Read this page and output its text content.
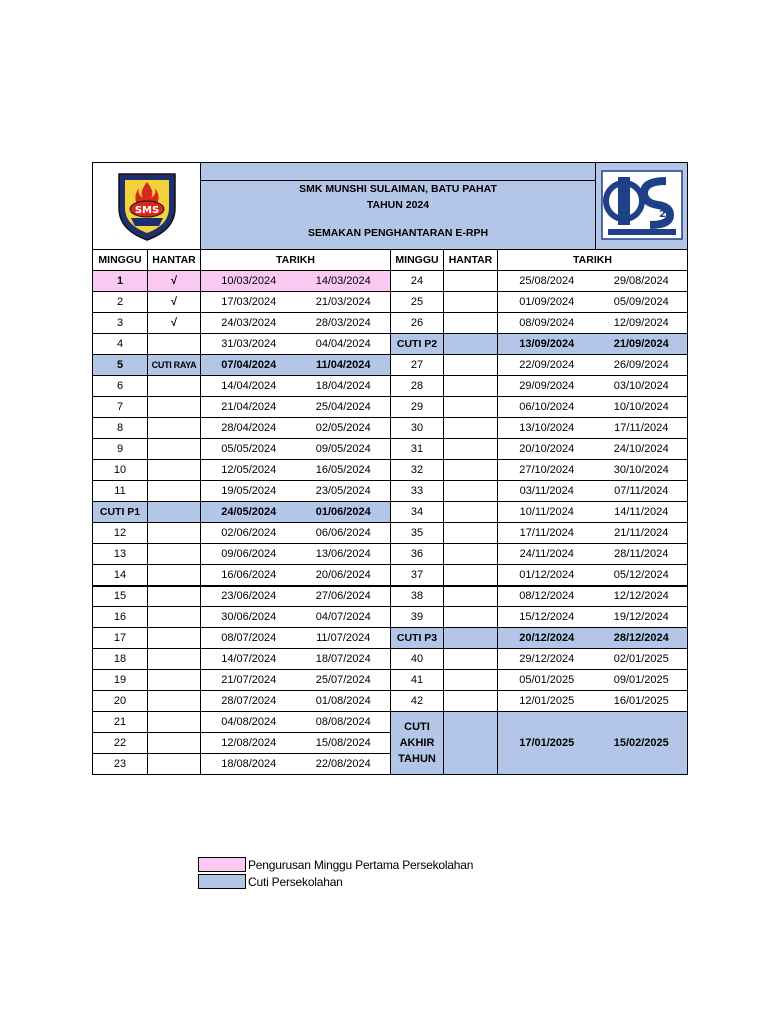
SMS		SMK MUNSHI SULAIMAN, BATU PAHAT
TAHUN 2024
SEMAKAN PENGHANTARAN E-RPH					25

MINGGU	HANTAR	TARIKH		MINGGU	HANTAR	TARIKH	
1	√	10/03/2024	14/03/2024	24		25/08/2024	29/08/2024
2	√	17/03/2024	21/03/2024	25		01/09/2024	05/09/2024
3	√	24/03/2024	28/03/2024	26		08/09/2024	12/09/2024
4		31/03/2024	04/04/2024	CUTI P2		13/09/2024	21/09/2024
5	CUTI RAYA	07/04/2024	11/04/2024	27		22/09/2024	26/09/2024
6		14/04/2024	18/04/2024	28		29/09/2024	03/10/2024
7		21/04/2024	25/04/2024	29		06/10/2024	10/10/2024
8		28/04/2024	02/05/2024	30		13/10/2024	17/11/2024
9		05/05/2024	09/05/2024	31		20/10/2024	24/10/2024
10		12/05/2024	16/05/2024	32		27/10/2024	30/10/2024
11		19/05/2024	23/05/2024	33		03/11/2024	07/11/2024
CUTI P1		24/05/2024	01/06/2024	34		10/11/2024	14/11/2024
12		02/06/2024	06/06/2024	35		17/11/2024	21/11/2024
13		09/06/2024	13/06/2024	36		24/11/2024	28/11/2024
14		16/06/2024	20/06/2024	37		01/12/2024	05/12/2024
15		23/06/2024	27/06/2024	38		08/12/2024	12/12/2024
16		30/06/2024	04/07/2024	39		15/12/2024	19/12/2024
17		08/07/2024	11/07/2024	CUTI P3		20/12/2024	28/12/2024
18		14/07/2024	18/07/2024	40		29/12/2024	02/01/2025
19		21/07/2024	25/07/2024	41		05/01/2025	09/01/2025
20		28/07/2024	01/08/2024	42		12/01/2025	16/01/2025
21		04/08/2024	08/08/2024	CUTI AKHIR TAHUN		17/01/2025	15/02/2025
22		12/08/2024	15/08/2024				
23		18/08/2024	22/08/2024				
Pengurusan Minggu Pertama Persekolahan
Cuti Persekolahan
